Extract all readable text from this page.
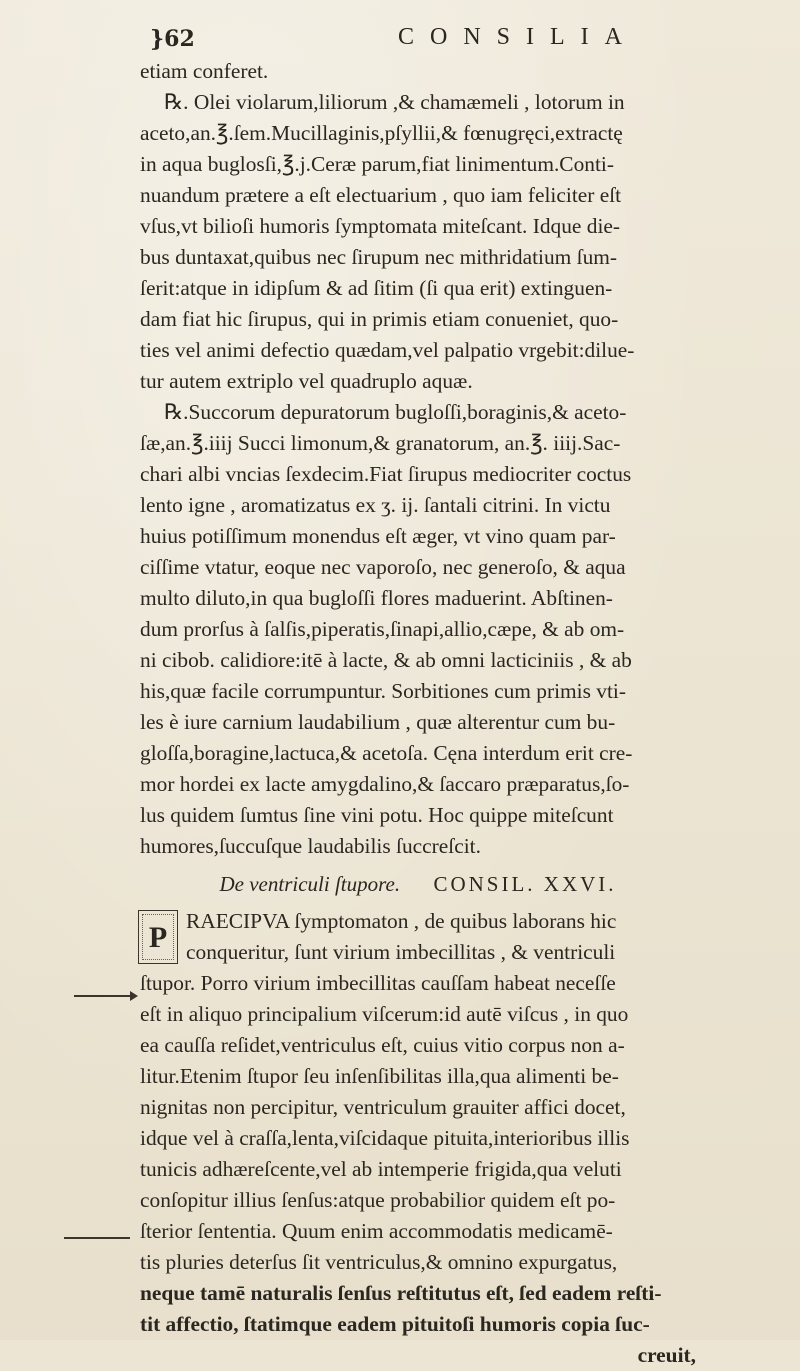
}62	CONSILIA
etiam conferet.
℞. Olei violarum,liliorum ,& chamæmeli , lotorum in
aceto,an.℥.ſem.Mucillaginis,pſyllii,& fœnugręci,extractę
in aqua buglosſi,℥.j.Ceræ parum,fiat linimentum.Conti-
nuandum prætere a eſt electuarium , quo iam feliciter eſt
vſus,vt bilioſi humoris ſymptomata miteſcant. Idque die-
bus duntaxat,quibus nec ſirupum nec mithridatium ſum-
ſerit:atque in idipſum & ad ſitim (ſi qua erit) extinguen-
dam fiat hic ſirupus, qui in primis etiam conueniet, quo-
ties vel animi defectio quædam,vel palpatio vrgebit:dilue-
tur autem extriplo vel quadruplo aquæ.
℞.Succorum depuratorum bugloſſi,boraginis,& aceto-
ſæ,an.℥.iiij Succi limonum,& granatorum, an.℥. iiij.Sac-
chari albi vncias ſexdecim.Fiat ſirupus mediocriter coctus
lento igne , aromatizatus ex ʒ. ij. ſantali citrini. In victu
huius potiſſimum monendus eſt æger, vt vino quam par-
ciſſime vtatur, eoque nec vaporoſo, nec generoſo, & aqua
multo diluto,in qua bugloſſi flores maduerint. Abſtinen-
dum prorſus à ſalſis,piperatis,ſinapi,allio,cæpe, & ab om-
ni cibob. calidiore:itē à lacte, & ab omni lacticiniis , & ab
his,quæ facile corrumpuntur. Sorbitiones cum primis vti-
les è iure carnium laudabilium , quæ alterentur cum bu-
gloſſa,boragine,lactuca,& acetoſa. Cęna interdum erit cre-
mor hordei ex lacte amygdalino,& ſaccaro præparatus,ſo-
lus quidem ſumtus ſine vini potu. Hoc quippe miteſcunt
humores,ſuccuſque laudabilis ſuccreſcit.
De ventriculi ſtupore. CONSIL. XXVI.
P RAECIPVA ſymptomaton , de quibus laborans hic
conqueritur, ſunt virium imbecillitas , & ventriculi
ſtupor. Porro virium imbecillitas cauſſam habeat neceſſe
eſt in aliquo principalium viſcerum:id autē viſcus , in quo
ea cauſſa reſidet,ventriculus eſt, cuius vitio corpus non a-
litur.Etenim ſtupor ſeu inſenſibilitas illa,qua alimenti be-
nignitas non percipitur, ventriculum grauiter affici docet,
idque vel à craſſa,lenta,viſcidaque pituita,interioribus illis
tunicis adhæreſcente,vel ab intemperie frigida,qua veluti
conſopitur illius ſenſus:atque probabilior quidem eſt po-
ſterior ſententia. Quum enim accommodatis medicamē-
tis pluries deterſus ſit ventriculus,& omnino expurgatus,
neque tamē naturalis ſenſus reſtitutus eſt, ſed eadem reſti-
tit affectio, ſtatimque eadem pituitoſi humoris copia ſuc-
creuit,
